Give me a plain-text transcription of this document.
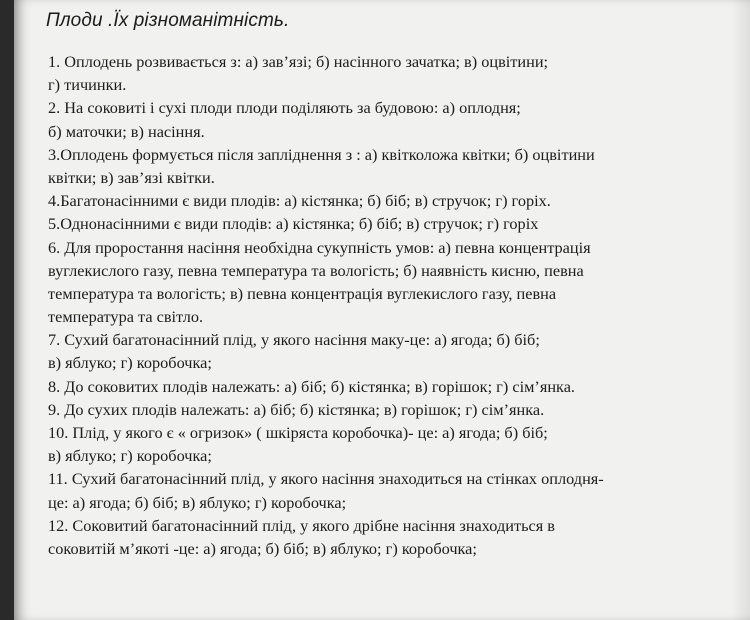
Плоди .Їх різноманітність.
1. Оплодень розвивається з: а) зав’язі; б) насінного зачатка; в) оцвітини;
г) тичинки.
2. На соковиті і сухі плоди плоди поділяють за будовою: а) оплодня;
б) маточки; в) насіння.
3.Оплодень формується після запліднення з : а) квітколожа квітки; б) оцвітини
квітки; в) зав’язі квітки.
4.Багатонасінними є види плодів: а) кістянка; б) біб; в) стручок; г) горіх.
5.Однонасінними є види плодів: а) кістянка; б) біб; в) стручок; г) горіх
6. Для проростання насіння необхідна сукупність умов: а) певна концентрація
вуглекислого газу, певна температура та вологість; б) наявність кисню, певна
температура та вологість; в) певна концентрація вуглекислого газу, певна
температура та світло.
7. Сухий багатонасінний плід, у якого насіння маку-це: а) ягода; б) біб;
в) яблуко; г) коробочка;
8. До соковитих плодів належать: а) біб; б) кістянка; в) горішок; г) сім’янка.
9. До сухих плодів належать: а) біб; б) кістянка; в) горішок; г) сім’янка.
10. Плід, у якого є « огризок» ( шкіряста коробочка)- це: а) ягода; б) біб;
в) яблуко; г) коробочка;
11. Сухий багатонасінний плід, у якого насіння знаходиться на стінках оплодня-
це: а) ягода; б) біб; в) яблуко; г) коробочка;
12. Соковитий багатонасінний плід, у якого дрібне насіння знаходиться в
соковитій м’якоті -це: а) ягода; б) біб; в) яблуко; г) коробочка;
